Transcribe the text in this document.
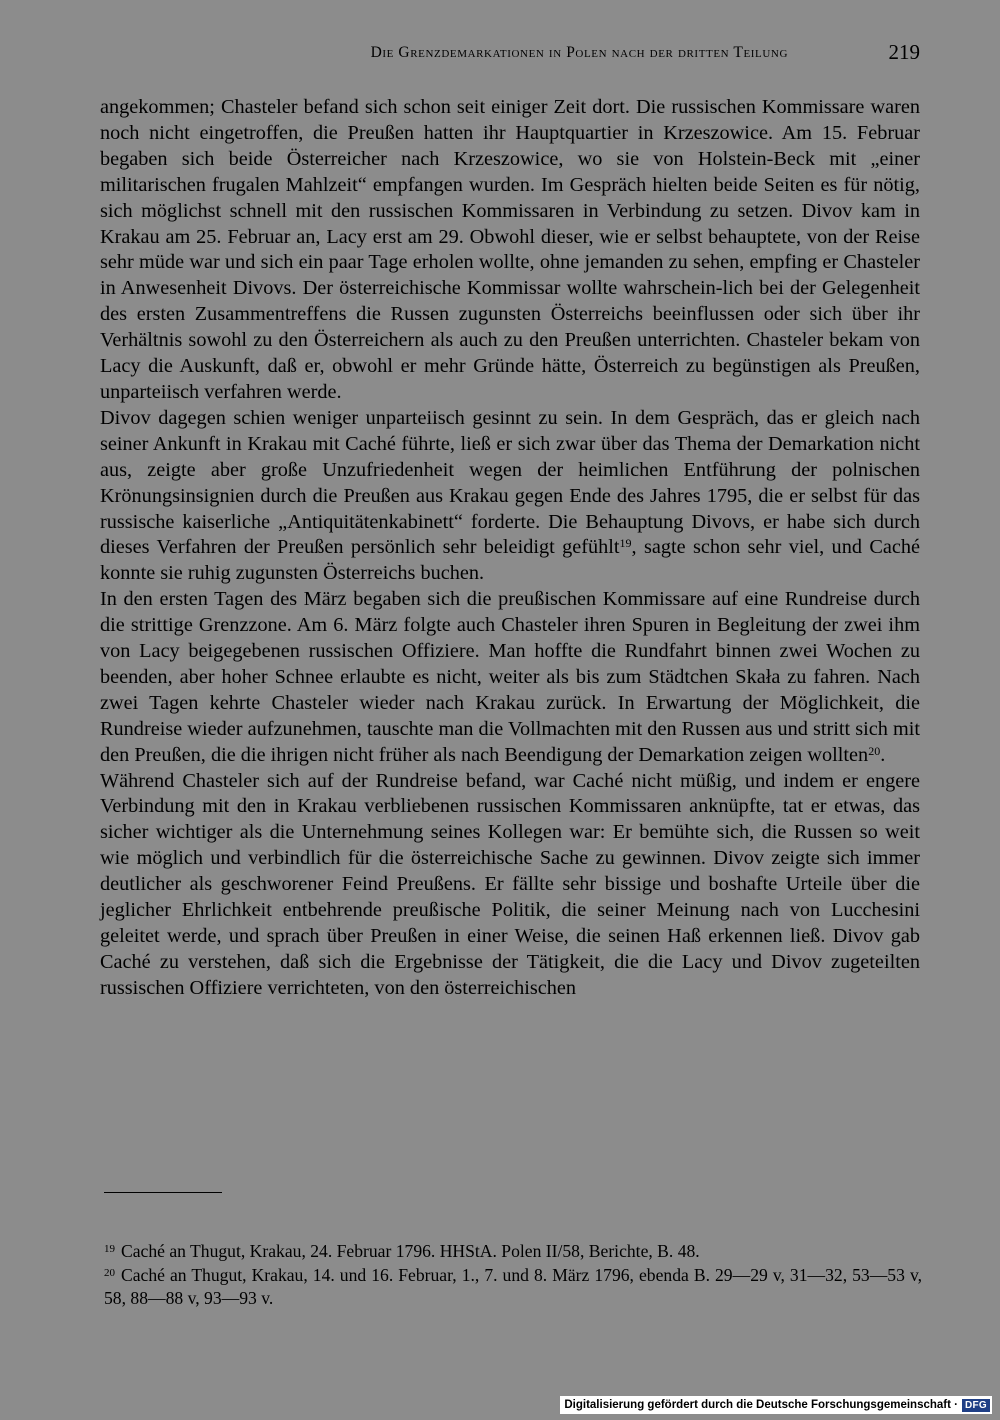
Die Grenzdemarkationen in Polen nach der dritten Teilung	219

angekommen; Chasteler befand sich schon seit einiger Zeit dort. Die russischen Kommissare waren noch nicht eingetroffen, die Preußen hatten ihr Hauptquartier in Krzeszowice. Am 15. Februar begaben sich beide Österreicher nach Krzeszowice, wo sie von Holstein-Beck mit „einer militarischen frugalen Mahlzeit“ empfangen wurden. Im Gespräch hielten beide Seiten es für nötig, sich möglichst schnell mit den russischen Kommissaren in Verbindung zu setzen. Divov kam in Krakau am 25. Februar an, Lacy erst am 29. Obwohl dieser, wie er selbst behauptete, von der Reise sehr müde war und sich ein paar Tage erholen wollte, ohne jemanden zu sehen, empfing er Chasteler in Anwesenheit Divovs. Der österreichische Kommissar wollte wahrschein-lich bei der Gelegenheit des ersten Zusammentreffens die Russen zugunsten Österreichs beeinflussen oder sich über ihr Verhältnis sowohl zu den Österreichern als auch zu den Preußen unterrichten. Chasteler bekam von Lacy die Auskunft, daß er, obwohl er mehr Gründe hätte, Österreich zu begünstigen als Preußen, unparteiisch verfahren werde.

Divov dagegen schien weniger unparteiisch gesinnt zu sein. In dem Gespräch, das er gleich nach seiner Ankunft in Krakau mit Caché führte, ließ er sich zwar über das Thema der Demarkation nicht aus, zeigte aber große Unzufriedenheit wegen der heimlichen Entführung der polnischen Krönungsinsignien durch die Preußen aus Krakau gegen Ende des Jahres 1795, die er selbst für das russische kaiserliche „Antiquitätenkabinett“ forderte. Die Behauptung Divovs, er habe sich durch dieses Verfahren der Preußen persönlich sehr beleidigt gefühlt$^{19}$, sagte schon sehr viel, und Caché konnte sie ruhig zugunsten Österreichs buchen.

In den ersten Tagen des März begaben sich die preußischen Kommissare auf eine Rundreise durch die strittige Grenzzone. Am 6. März folgte auch Chasteler ihren Spuren in Begleitung der zwei ihm von Lacy beigegebenen russischen Offiziere. Man hoffte die Rundfahrt binnen zwei Wochen zu beenden, aber hoher Schnee erlaubte es nicht, weiter als bis zum Städtchen Skała zu fahren. Nach zwei Tagen kehrte Chasteler wieder nach Krakau zurück. In Erwartung der Möglichkeit, die Rundreise wieder aufzunehmen, tauschte man die Vollmachten mit den Russen aus und stritt sich mit den Preußen, die die ihrigen nicht früher als nach Beendigung der Demarkation zeigen wollten$^{20}$.

Während Chasteler sich auf der Rundreise befand, war Caché nicht müßig, und indem er engere Verbindung mit den in Krakau verbliebenen russischen Kommissaren anknüpfte, tat er etwas, das sicher wichtiger als die Unternehmung seines Kollegen war: Er bemühte sich, die Russen so weit wie möglich und verbindlich für die österreichische Sache zu gewinnen. Divov zeigte sich immer deutlicher als geschworener Feind Preußens. Er fällte sehr bissige und boshafte Urteile über die jeglicher Ehrlichkeit entbehrende preußische Politik, die seiner Meinung nach von Lucchesini geleitet werde, und sprach über Preußen in einer Weise, die seinen Haß erkennen ließ. Divov gab Caché zu verstehen, daß sich die Ergebnisse der Tätigkeit, die die Lacy und Divov zugeteilten russischen Offiziere verrichteten, von den österreichischen

$^{19}$ Caché an Thugut, Krakau, 24. Februar 1796. HHStA. Polen II/58, Berichte, B. 48.

$^{20}$ Caché an Thugut, Krakau, 14. und 16. Februar, 1., 7. und 8. März 1796, ebenda B. 29—29 v, 31—32, 53—53 v, 58, 88—88 v, 93—93 v.

Digitalisierung gefördert durch die Deutsche Forschungsgemeinschaft · DFG
